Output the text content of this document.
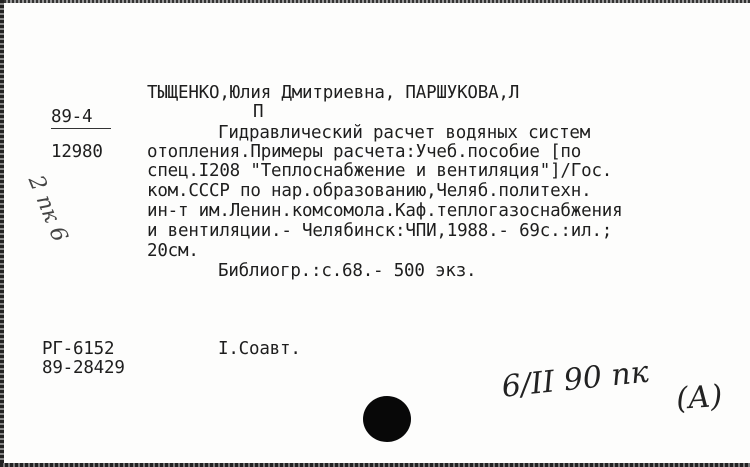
ТЫЩЕНКО,Юлия Дмитриевна, ПАРШУКОВА,Л
П
89-4
12980
Гидравлический расчет водяных систем
отопления.Примеры расчета:Учеб.пособие [по
спец.I208 "Теплоснабжение и вентиляция"]/Гос.
ком.СССР по нар.образованию,Челяб.политехн.
ин-т им.Ленин.комсомола.Каф.теплогазоснабжения
и вентиляции.- Челябинск:ЧПИ,1988.- 69с.:ил.;
20см.
Библиогр.:с.68.- 500 экз.
I.Соавт.
РГ-6152
89-28429
2 пк 6
6/II 90 пк (А)
